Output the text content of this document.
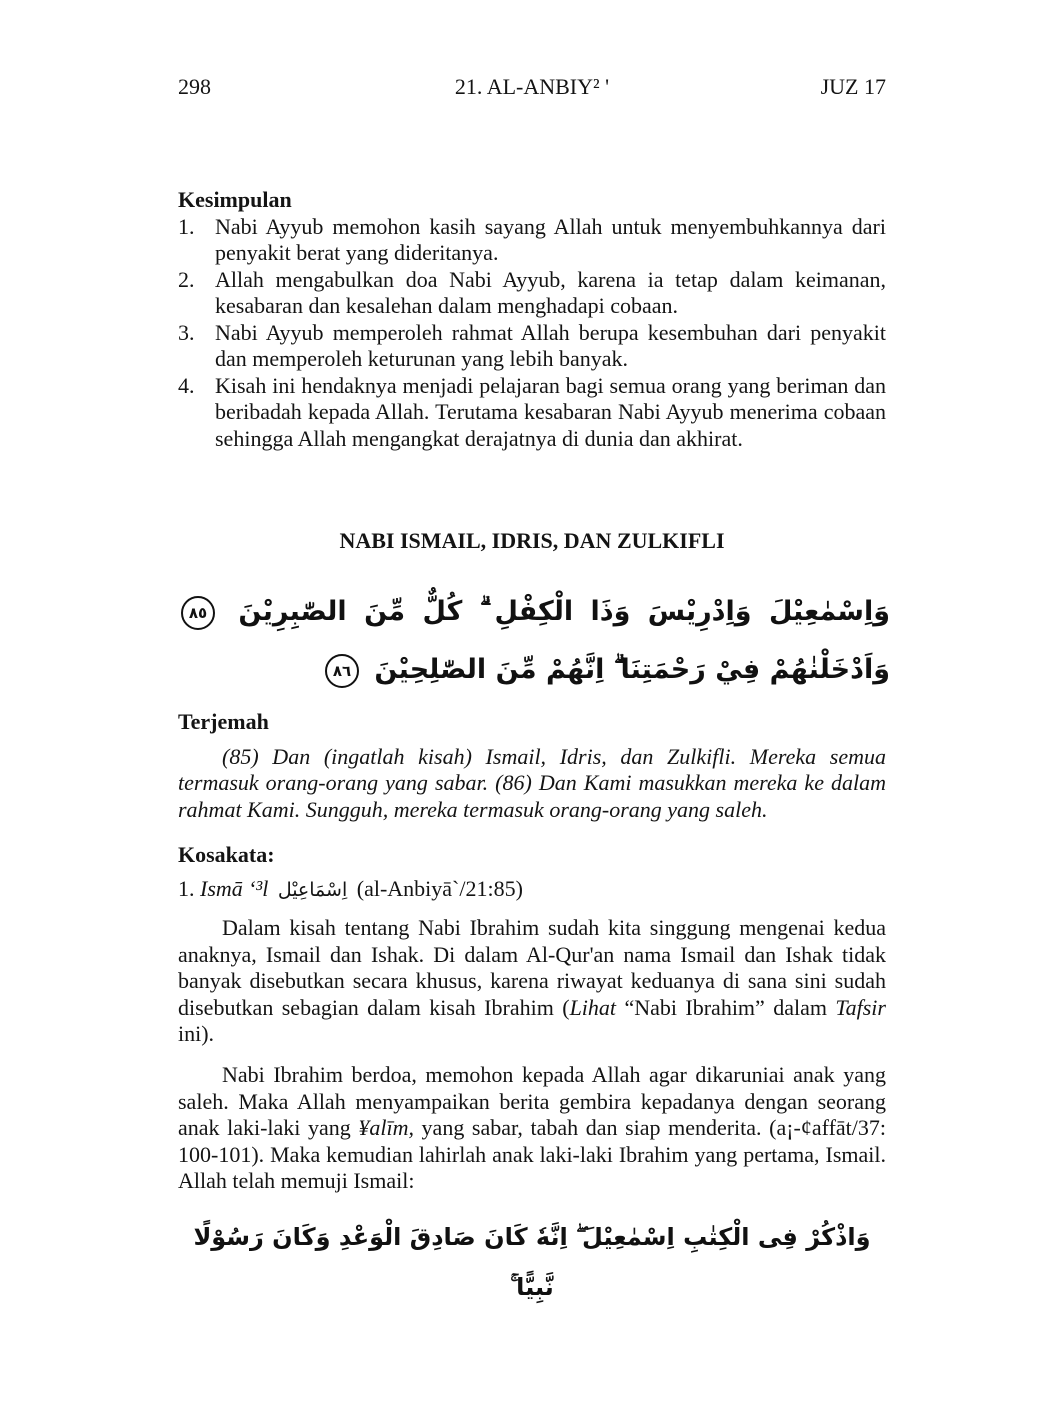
298	21. AL-ANBIY² '	JUZ 17
Kesimpulan
1. Nabi Ayyub memohon kasih sayang Allah untuk menyembuhkannya dari penyakit berat yang dideritanya.
2. Allah mengabulkan doa Nabi Ayyub, karena ia tetap dalam keimanan, kesabaran dan kesalehan dalam menghadapi cobaan.
3. Nabi Ayyub memperoleh rahmat Allah berupa kesembuhan dari penyakit dan memperoleh keturunan yang lebih banyak.
4. Kisah ini hendaknya menjadi pelajaran bagi semua orang yang beriman dan beribadah kepada Allah. Terutama kesabaran Nabi Ayyub menerima cobaan sehingga Allah mengangkat derajatnya di dunia dan akhirat.
NABI ISMAIL, IDRIS, DAN ZULKIFLI
وَاِسْمٰعِيْلَ وَاِدْرِيْسَ وَذَا الْكِفْلِ ۗ كُلٌّ مِّنَ الصّٰبِرِيْنَ ٨٥ وَاَدْخَلْنٰهُمْ فِيْ رَحْمَتِنَا ۗ اِنَّهُمْ مِّنَ الصّٰلِحِيْنَ ٨٦
Terjemah
(85) Dan (ingatlah kisah) Ismail, Idris, dan Zulkifli. Mereka semua termasuk orang-orang yang sabar. (86) Dan Kami masukkan mereka ke dalam rahmat Kami. Sungguh, mereka termasuk orang-orang yang saleh.
Kosakata:
1. Ismā ‘³l اِسْمَاعِيْل (al-Anbiyā`/21:85)
Dalam kisah tentang Nabi Ibrahim sudah kita singgung mengenai kedua anaknya, Ismail dan Ishak. Di dalam Al-Qur'an nama Ismail dan Ishak tidak banyak disebutkan secara khusus, karena riwayat keduanya di sana sini sudah disebutkan sebagian dalam kisah Ibrahim (Lihat “Nabi Ibrahim” dalam Tafsir ini).
Nabi Ibrahim berdoa, memohon kepada Allah agar dikaruniai anak yang saleh. Maka Allah menyampaikan berita gembira kepadanya dengan seorang anak laki-laki yang ¥alīm, yang sabar, tabah dan siap menderita. (a¡-¢affāt/37: 100-101). Maka kemudian lahirlah anak laki-laki Ibrahim yang pertama, Ismail. Allah telah memuji Ismail:
وَاذْكُرْ فِى الْكِتٰبِ اِسْمٰعِيْلَ ۖ اِنَّهٗ كَانَ صَادِقَ الْوَعْدِ وَكَانَ رَسُوْلًا نَّبِيًّا ۚ
